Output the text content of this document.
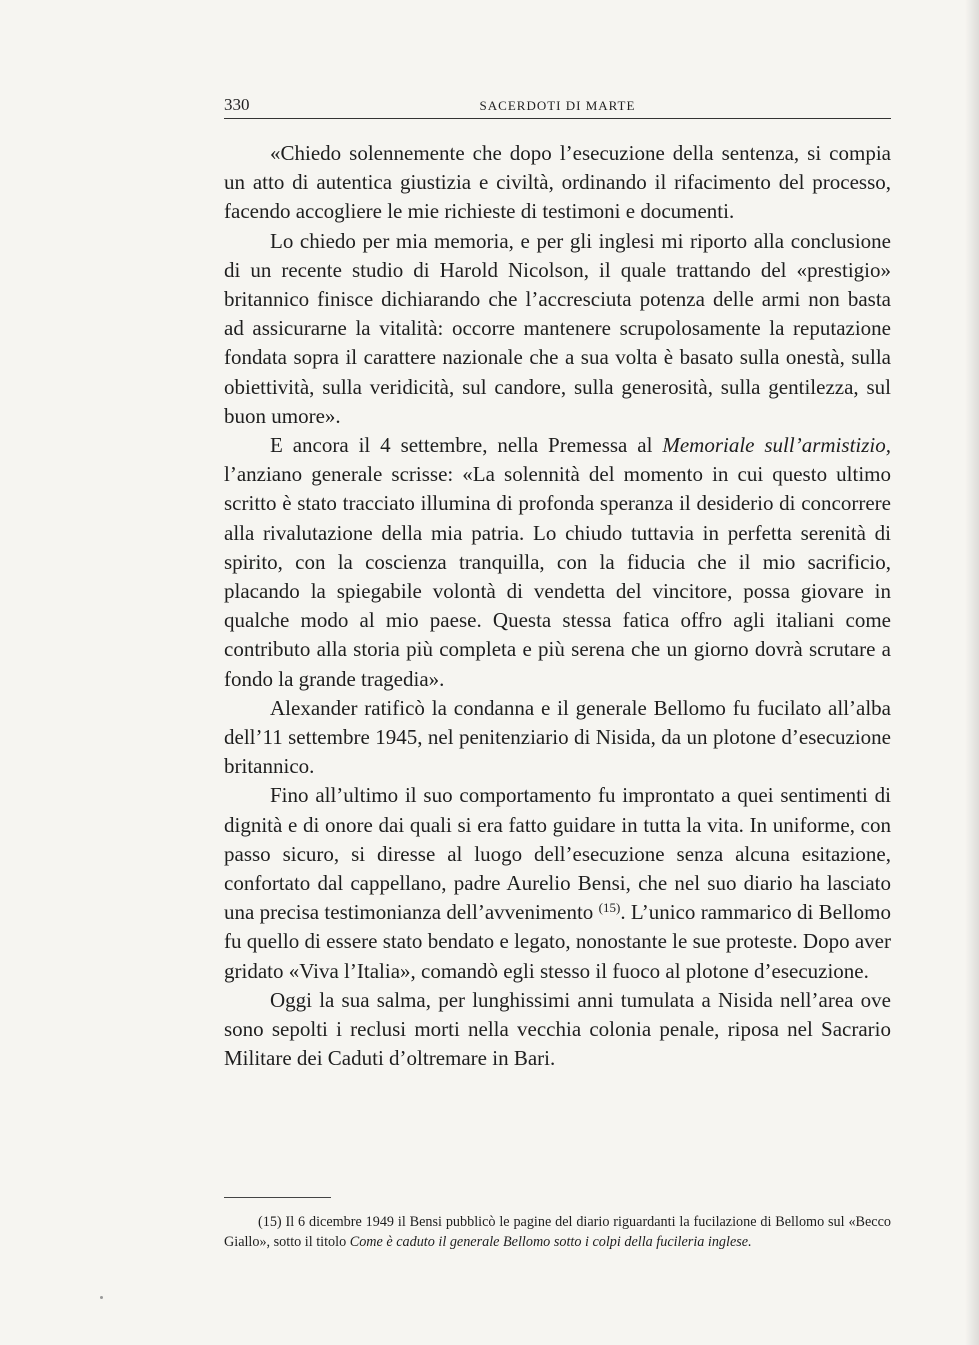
330	SACERDOTI DI MARTE

«Chiedo solennemente che dopo l’esecuzione della sentenza, si compia un atto di autentica giustizia e civiltà, ordinando il rifacimento del processo, facendo accogliere le mie richieste di testimoni e documenti.

Lo chiedo per mia memoria, e per gli inglesi mi riporto alla conclusione di un recente studio di Harold Nicolson, il quale trattando del «prestigio» britannico finisce dichiarando che l’accresciuta potenza delle armi non basta ad assicurarne la vitalità: occorre mantenere scrupolosamente la reputazione fondata sopra il carattere nazionale che a sua volta è basato sulla onestà, sulla obiettività, sulla veridicità, sul candore, sulla generosità, sulla gentilezza, sul buon umore».

E ancora il 4 settembre, nella Premessa al Memoriale sull’armistizio, l’anziano generale scrisse: «La solennità del momento in cui questo ultimo scritto è stato tracciato illumina di profonda speranza il desiderio di concorrere alla rivalutazione della mia patria. Lo chiudo tuttavia in perfetta serenità di spirito, con la coscienza tranquilla, con la fiducia che il mio sacrificio, placando la spiegabile volontà di vendetta del vincitore, possa giovare in qualche modo al mio paese. Questa stessa fatica offro agli italiani come contributo alla storia più completa e più serena che un giorno dovrà scrutare a fondo la grande tragedia».

Alexander ratificò la condanna e il generale Bellomo fu fucilato all’alba dell’11 settembre 1945, nel penitenziario di Nisida, da un plotone d’esecuzione britannico.

Fino all’ultimo il suo comportamento fu improntato a quei sentimenti di dignità e di onore dai quali si era fatto guidare in tutta la vita. In uniforme, con passo sicuro, si diresse al luogo dell’esecuzione senza alcuna esitazione, confortato dal cappellano, padre Aurelio Bensi, che nel suo diario ha lasciato una precisa testimonianza dell’avvenimento $^{(15)}$. L’unico rammarico di Bellomo fu quello di essere stato bendato e legato, nonostante le sue proteste. Dopo aver gridato «Viva l’Italia», comandò egli stesso il fuoco al plotone d’esecuzione.

Oggi la sua salma, per lunghissimi anni tumulata a Nisida nell’area ove sono sepolti i reclusi morti nella vecchia colonia penale, riposa nel Sacrario Militare dei Caduti d’oltremare in Bari.

(15) Il 6 dicembre 1949 il Bensi pubblicò le pagine del diario riguardanti la fucilazione di Bellomo sul «Becco Giallo», sotto il titolo Come è caduto il generale Bellomo sotto i colpi della fucileria inglese.
